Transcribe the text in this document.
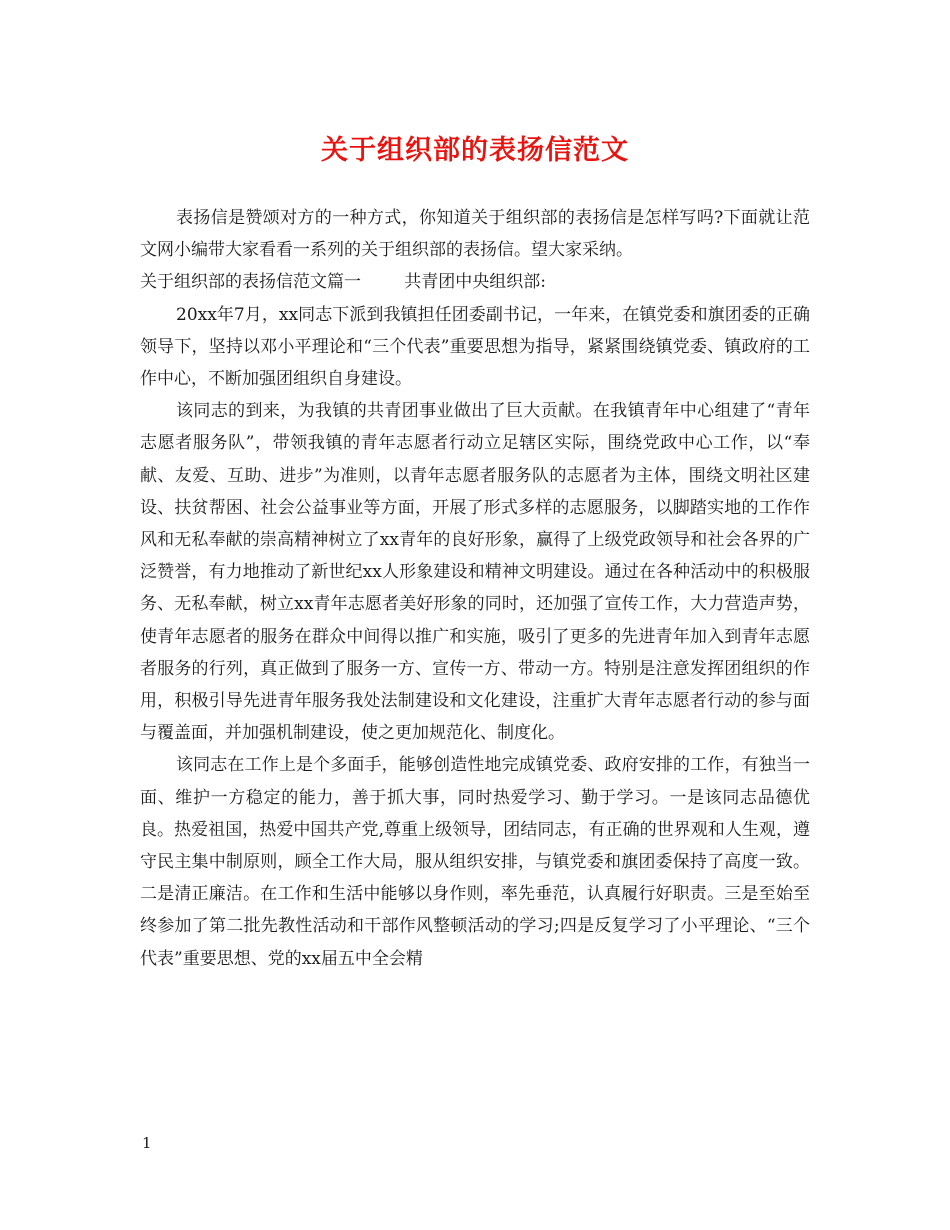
关于组织部的表扬信范文

表扬信是赞颂对方的一种方式，你知道关于组织部的表扬信是怎样写吗?下面就让范文网小编带大家看看一系列的关于组织部的表扬信。望大家采纳。

关于组织部的表扬信范文篇一	共青团中央组织部:

20xx年7月，xx同志下派到我镇担任团委副书记，一年来，在镇党委和旗团委的正确领导下，坚持以邓小平理论和“三个代表”重要思想为指导，紧紧围绕镇党委、镇政府的工作中心，不断加强团组织自身建设。

该同志的到来，为我镇的共青团事业做出了巨大贡献。在我镇青年中心组建了“青年志愿者服务队”，带领我镇的青年志愿者行动立足辖区实际，围绕党政中心工作，以“奉献、友爱、互助、进步”为准则，以青年志愿者服务队的志愿者为主体，围绕文明社区建设、扶贫帮困、社会公益事业等方面，开展了形式多样的志愿服务，以脚踏实地的工作作风和无私奉献的崇高精神树立了xx青年的良好形象，赢得了上级党政领导和社会各界的广泛赞誉，有力地推动了新世纪xx人形象建设和精神文明建设。通过在各种活动中的积极服务、无私奉献，树立xx青年志愿者美好形象的同时，还加强了宣传工作，大力营造声势，使青年志愿者的服务在群众中间得以推广和实施，吸引了更多的先进青年加入到青年志愿者服务的行列，真正做到了服务一方、宣传一方、带动一方。特别是注意发挥团组织的作用，积极引导先进青年服务我处法制建设和文化建设，注重扩大青年志愿者行动的参与面与覆盖面，并加强机制建设，使之更加规范化、制度化。

该同志在工作上是个多面手，能够创造性地完成镇党委、政府安排的工作，有独当一面、维护一方稳定的能力，善于抓大事，同时热爱学习、勤于学习。一是该同志品德优良。热爱祖国，热爱中国共产党,尊重上级领导，团结同志，有正确的世界观和人生观，遵守民主集中制原则，顾全工作大局，服从组织安排，与镇党委和旗团委保持了高度一致。二是清正廉洁。在工作和生活中能够以身作则，率先垂范，认真履行好职责。三是至始至终参加了第二批先教性活动和干部作风整顿活动的学习;四是反复学习了小平理论、“三个代表”重要思想、党的xx届五中全会精

1
